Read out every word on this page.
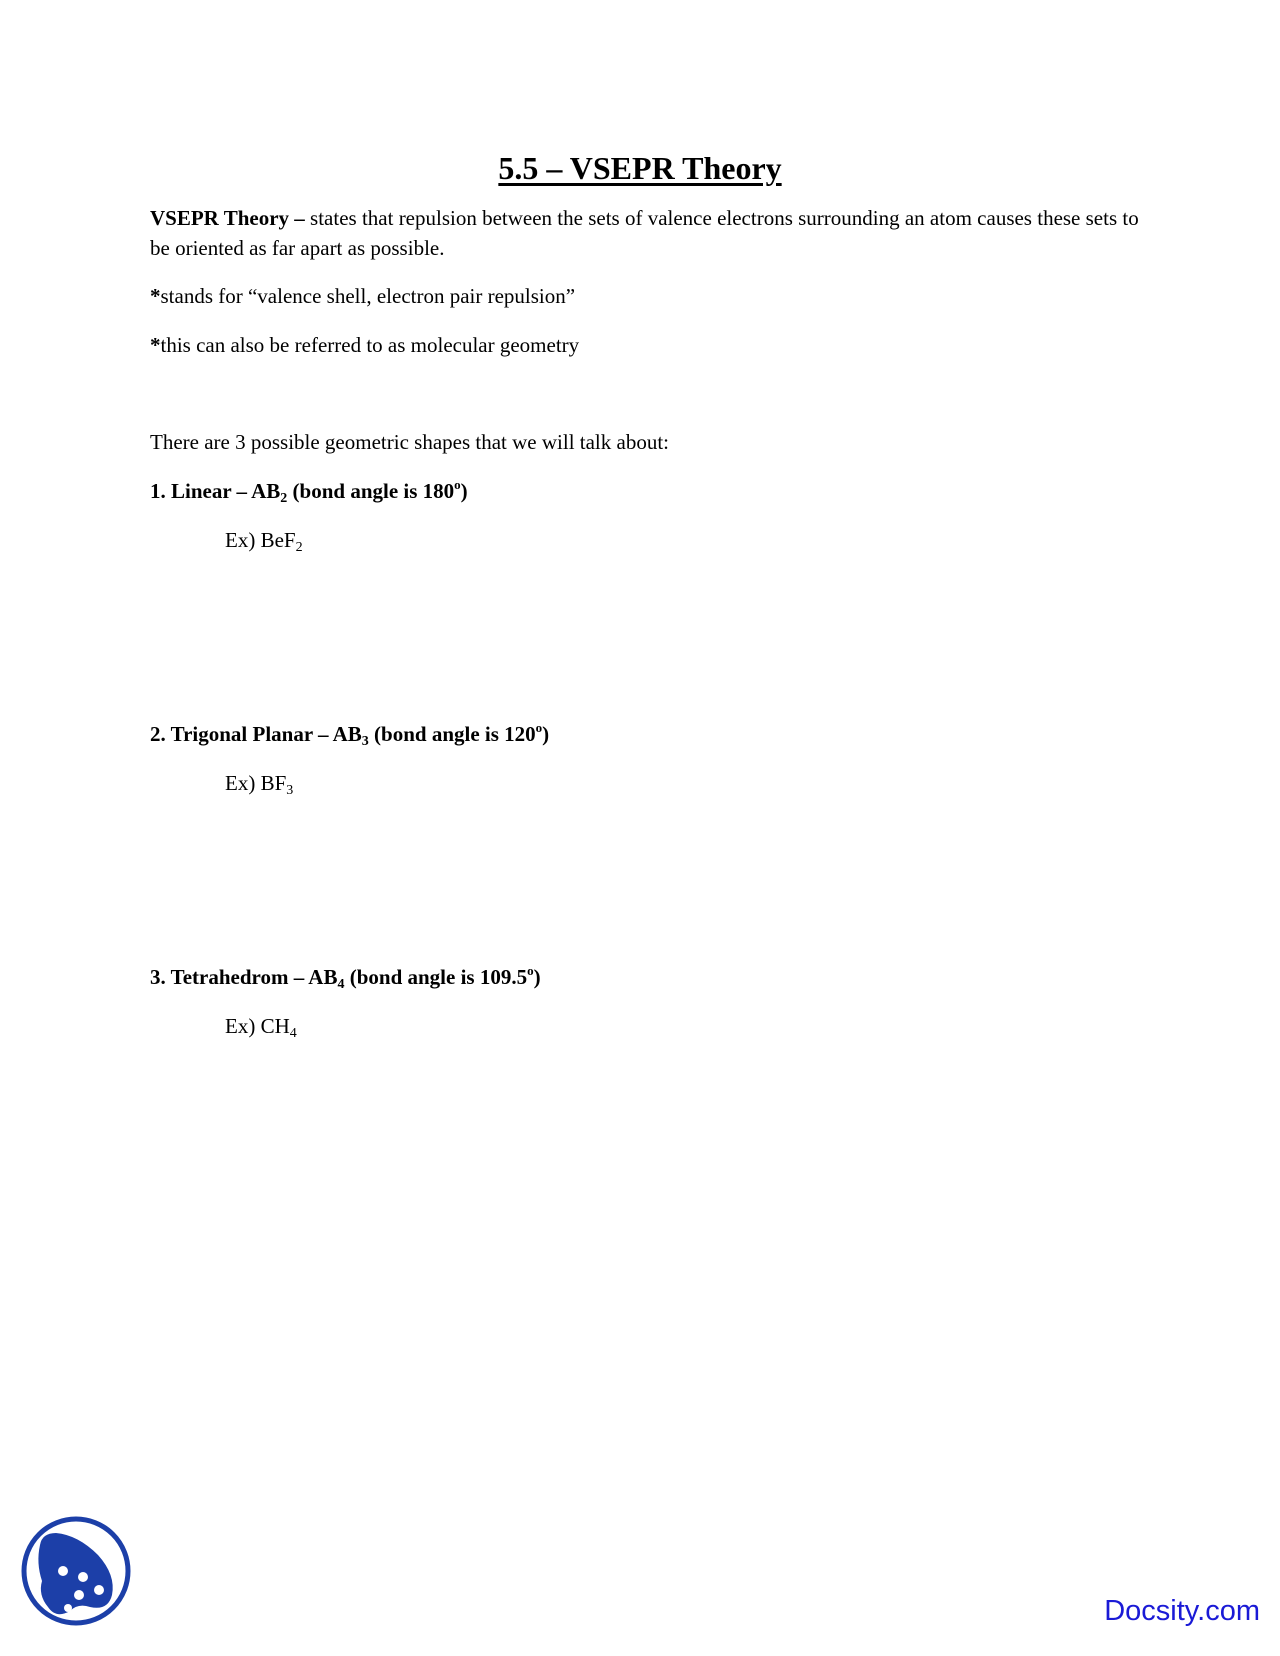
5.5 – VSEPR Theory

VSEPR Theory – states that repulsion between the sets of valence electrons surrounding an atom causes these sets to be oriented as far apart as possible.

*stands for “valence shell, electron pair repulsion”

*this can also be referred to as molecular geometry

There are 3 possible geometric shapes that we will talk about:

1. Linear – $AB_2$ (bond angle is 180$^o$)

Ex) BeF$_2$

2. Trigonal Planar – $AB_3$ (bond angle is 120$^o$)

Ex) $BF_3$

3. Tetrahedrom – $AB_4$ (bond angle is 109.5$^o$)

Ex) $CH_4$

Docsity.com
